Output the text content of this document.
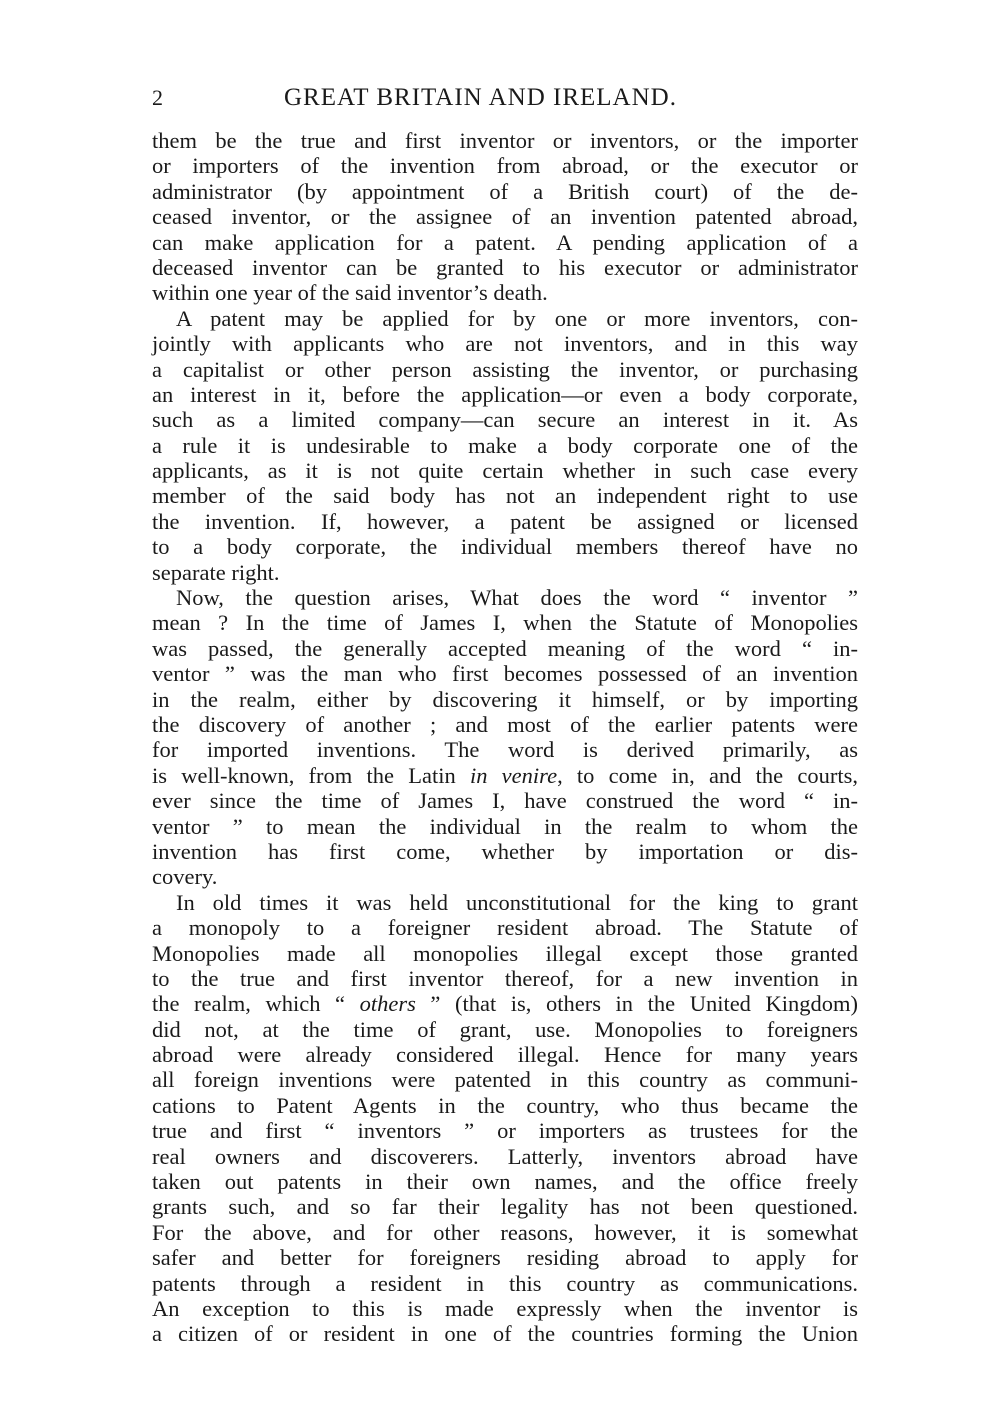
2	GREAT BRITAIN AND IRELAND.
them be the true and first inventor or inventors, or the importer
or importers of the invention from abroad, or the executor or
administrator (by appointment of a British court) of the de-
ceased inventor, or the assignee of an invention patented abroad,
can make application for a patent. A pending application of a
deceased inventor can be granted to his executor or administrator
within one year of the said inventor’s death.
A patent may be applied for by one or more inventors, con-
jointly with applicants who are not inventors, and in this way
a capitalist or other person assisting the inventor, or purchasing
an interest in it, before the application—or even a body corporate,
such as a limited company—can secure an interest in it. As
a rule it is undesirable to make a body corporate one of the
applicants, as it is not quite certain whether in such case every
member of the said body has not an independent right to use
the invention. If, however, a patent be assigned or licensed
to a body corporate, the individual members thereof have no
separate right.
Now, the question arises, What does the word “ inventor ”
mean ? In the time of James I, when the Statute of Monopolies
was passed, the generally accepted meaning of the word “ in-
ventor ” was the man who first becomes possessed of an invention
in the realm, either by discovering it himself, or by importing
the discovery of another ; and most of the earlier patents were
for imported inventions. The word is derived primarily, as
is well-known, from the Latin in venire, to come in, and the courts,
ever since the time of James I, have construed the word “ in-
ventor ” to mean the individual in the realm to whom the
invention has first come, whether by importation or dis-
covery.
In old times it was held unconstitutional for the king to grant
a monopoly to a foreigner resident abroad. The Statute of
Monopolies made all monopolies illegal except those granted
to the true and first inventor thereof, for a new invention in
the realm, which “ others ” (that is, others in the United Kingdom)
did not, at the time of grant, use. Monopolies to foreigners
abroad were already considered illegal. Hence for many years
all foreign inventions were patented in this country as communi-
cations to Patent Agents in the country, who thus became the
true and first “ inventors ” or importers as trustees for the
real owners and discoverers. Latterly, inventors abroad have
taken out patents in their own names, and the office freely
grants such, and so far their legality has not been questioned.
For the above, and for other reasons, however, it is somewhat
safer and better for foreigners residing abroad to apply for
patents through a resident in this country as communications.
An exception to this is made expressly when the inventor is
a citizen of or resident in one of the countries forming the Union
